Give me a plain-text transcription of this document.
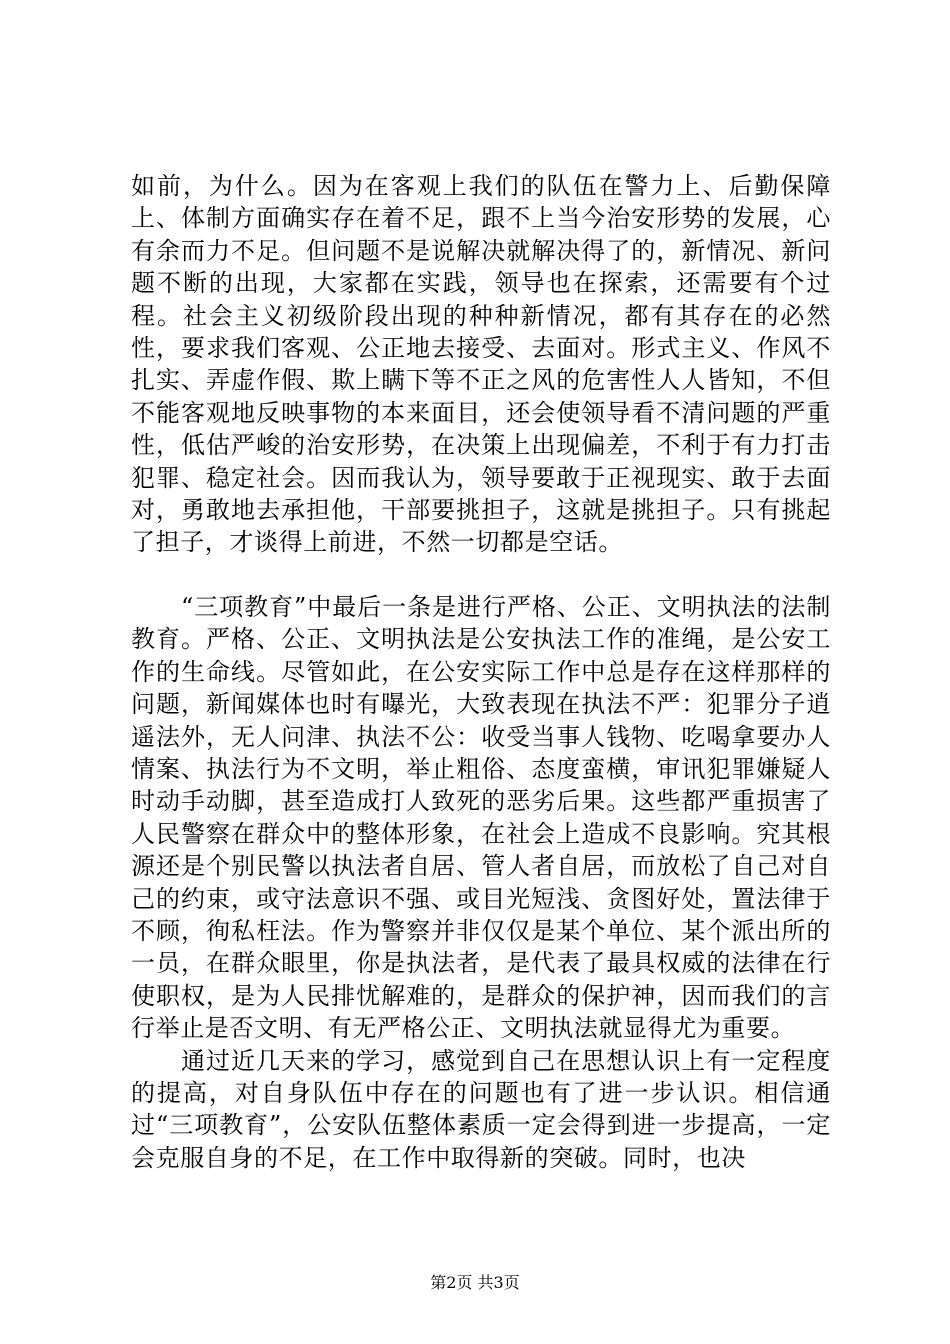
如前，为什么。因为在客观上我们的队伍在警力上、后勤保障上、体制方面确实存在着不足，跟不上当今治安形势的发展，心有余而力不足。但问题不是说解决就解决得了的，新情况、新问题不断的出现，大家都在实践，领导也在探索，还需要有个过程。社会主义初级阶段出现的种种新情况，都有其存在的必然性，要求我们客观、公正地去接受、去面对。形式主义、作风不扎实、弄虚作假、欺上瞒下等不正之风的危害性人人皆知，不但不能客观地反映事物的本来面目，还会使领导看不清问题的严重性，低估严峻的治安形势，在决策上出现偏差，不利于有力打击犯罪、稳定社会。因而我认为，领导要敢于正视现实、敢于去面对，勇敢地去承担他，干部要挑担子，这就是挑担子。只有挑起了担子，才谈得上前进，不然一切都是空话。

“三项教育”中最后一条是进行严格、公正、文明执法的法制教育。严格、公正、文明执法是公安执法工作的准绳，是公安工作的生命线。尽管如此，在公安实际工作中总是存在这样那样的问题，新闻媒体也时有曝光，大致表现在执法不严：犯罪分子逍遥法外，无人问津、执法不公：收受当事人钱物、吃喝拿要办人情案、执法行为不文明，举止粗俗、态度蛮横，审讯犯罪嫌疑人时动手动脚，甚至造成打人致死的恶劣后果。这些都严重损害了人民警察在群众中的整体形象，在社会上造成不良影响。究其根源还是个别民警以执法者自居、管人者自居，而放松了自己对自己的约束，或守法意识不强、或目光短浅、贪图好处，置法律于不顾，徇私枉法。作为警察并非仅仅是某个单位、某个派出所的一员，在群众眼里，你是执法者，是代表了最具权威的法律在行使职权，是为人民排忧解难的，是群众的保护神，因而我们的言行举止是否文明、有无严格公正、文明执法就显得尤为重要。

通过近几天来的学习，感觉到自己在思想认识上有一定程度的提高，对自身队伍中存在的问题也有了进一步认识。相信通过“三项教育”，公安队伍整体素质一定会得到进一步提高，一定会克服自身的不足，在工作中取得新的突破。同时，也决

第2页 共3页
